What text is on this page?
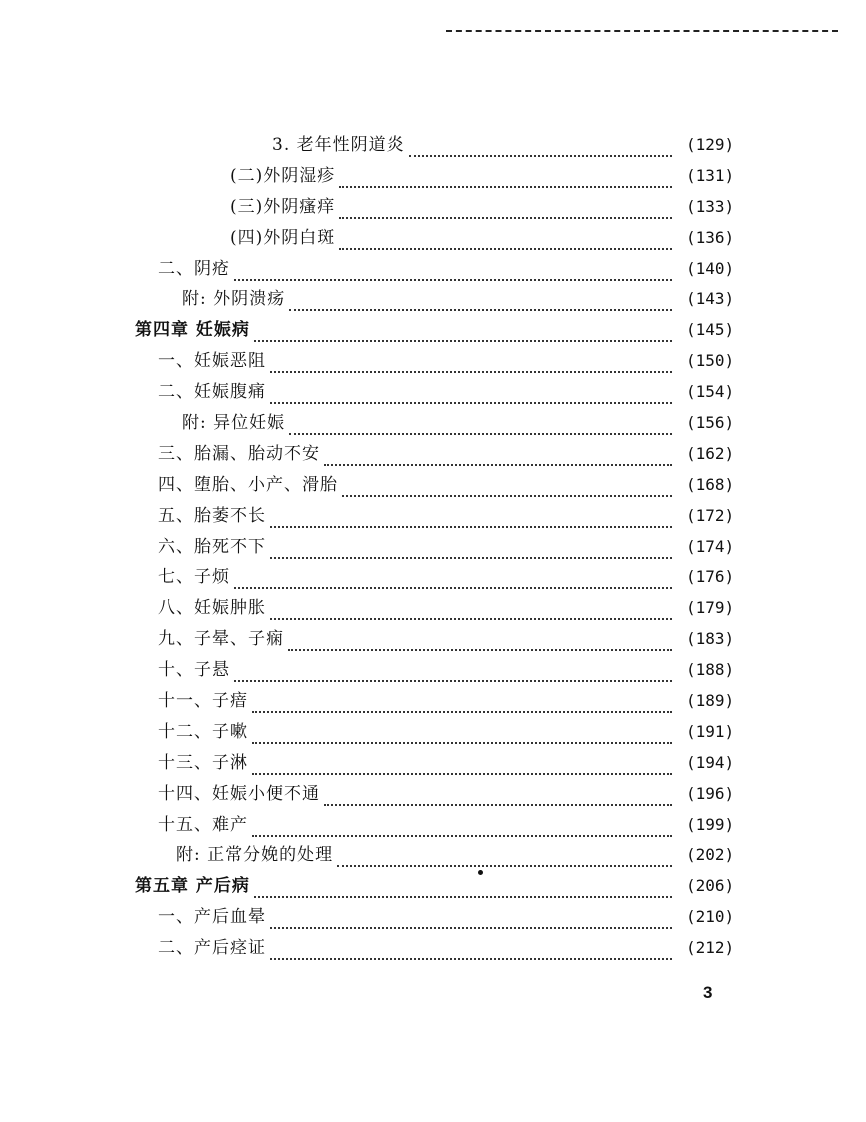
3. 老年性阴道炎	(129)
(二)外阴湿疹	(131)
(三)外阴瘙痒	(133)
(四)外阴白斑	(136)
二、阴疮	(140)
附: 外阴溃疡	(143)
第四章 妊娠病	(145)
一、妊娠恶阻	(150)
二、妊娠腹痛	(154)
附: 异位妊娠	(156)
三、胎漏、胎动不安	(162)
四、堕胎、小产、滑胎	(168)
五、胎萎不长	(172)
六、胎死不下	(174)
七、子烦	(176)
八、妊娠肿胀	(179)
九、子晕、子痫	(183)
十、子悬	(188)
十一、子瘖	(189)
十二、子嗽	(191)
十三、子淋	(194)
十四、妊娠小便不通	(196)
十五、难产	(199)
附: 正常分娩的处理	(202)
第五章 产后病	(206)
一、产后血晕	(210)
二、产后痉证	(212)
3
